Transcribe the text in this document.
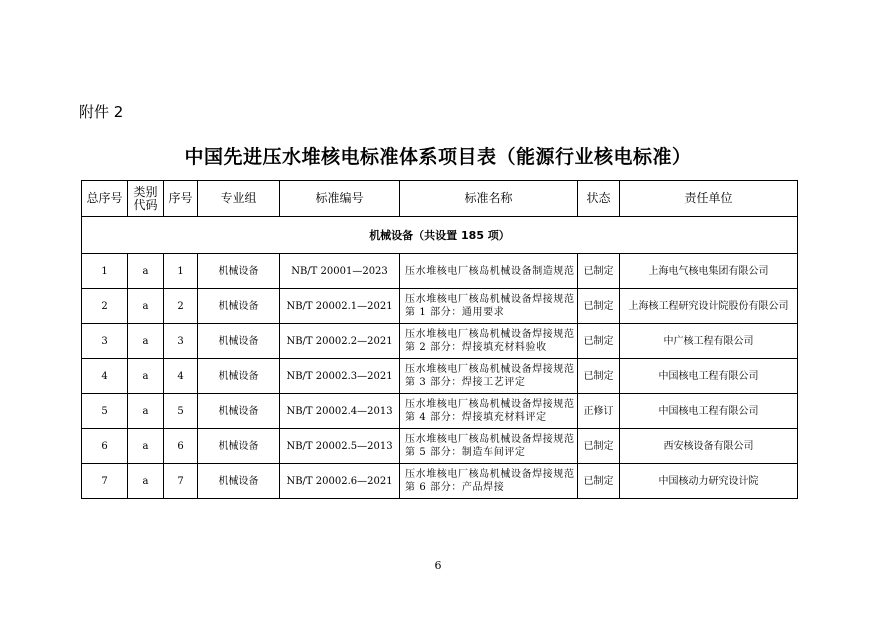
附件 2
中国先进压水堆核电标准体系项目表（能源行业核电标准）
总序号	类别代码	序号	专业组	标准编号	标准名称	状态	责任单位
机械设备（共设置 185 项）							
1	a	1	机械设备	NB/T 20001—2023	压水堆核电厂核岛机械设备制造规范	已制定	上海电气核电集团有限公司
2	a	2	机械设备	NB/T 20002.1—2021	压水堆核电厂核岛机械设备焊接规范 第 1 部分：通用要求	已制定	上海核工程研究设计院股份有限公司
3	a	3	机械设备	NB/T 20002.2—2021	压水堆核电厂核岛机械设备焊接规范 第 2 部分：焊接填充材料验收	已制定	中广核工程有限公司
4	a	4	机械设备	NB/T 20002.3—2021	压水堆核电厂核岛机械设备焊接规范 第 3 部分：焊接工艺评定	已制定	中国核电工程有限公司
5	a	5	机械设备	NB/T 20002.4—2013	压水堆核电厂核岛机械设备焊接规范 第 4 部分：焊接填充材料评定	正修订	中国核电工程有限公司
6	a	6	机械设备	NB/T 20002.5—2013	压水堆核电厂核岛机械设备焊接规范 第 5 部分：制造车间评定	已制定	西安核设备有限公司
7	a	7	机械设备	NB/T 20002.6—2021	压水堆核电厂核岛机械设备焊接规范 第 6 部分：产品焊接	已制定	中国核动力研究设计院
6
